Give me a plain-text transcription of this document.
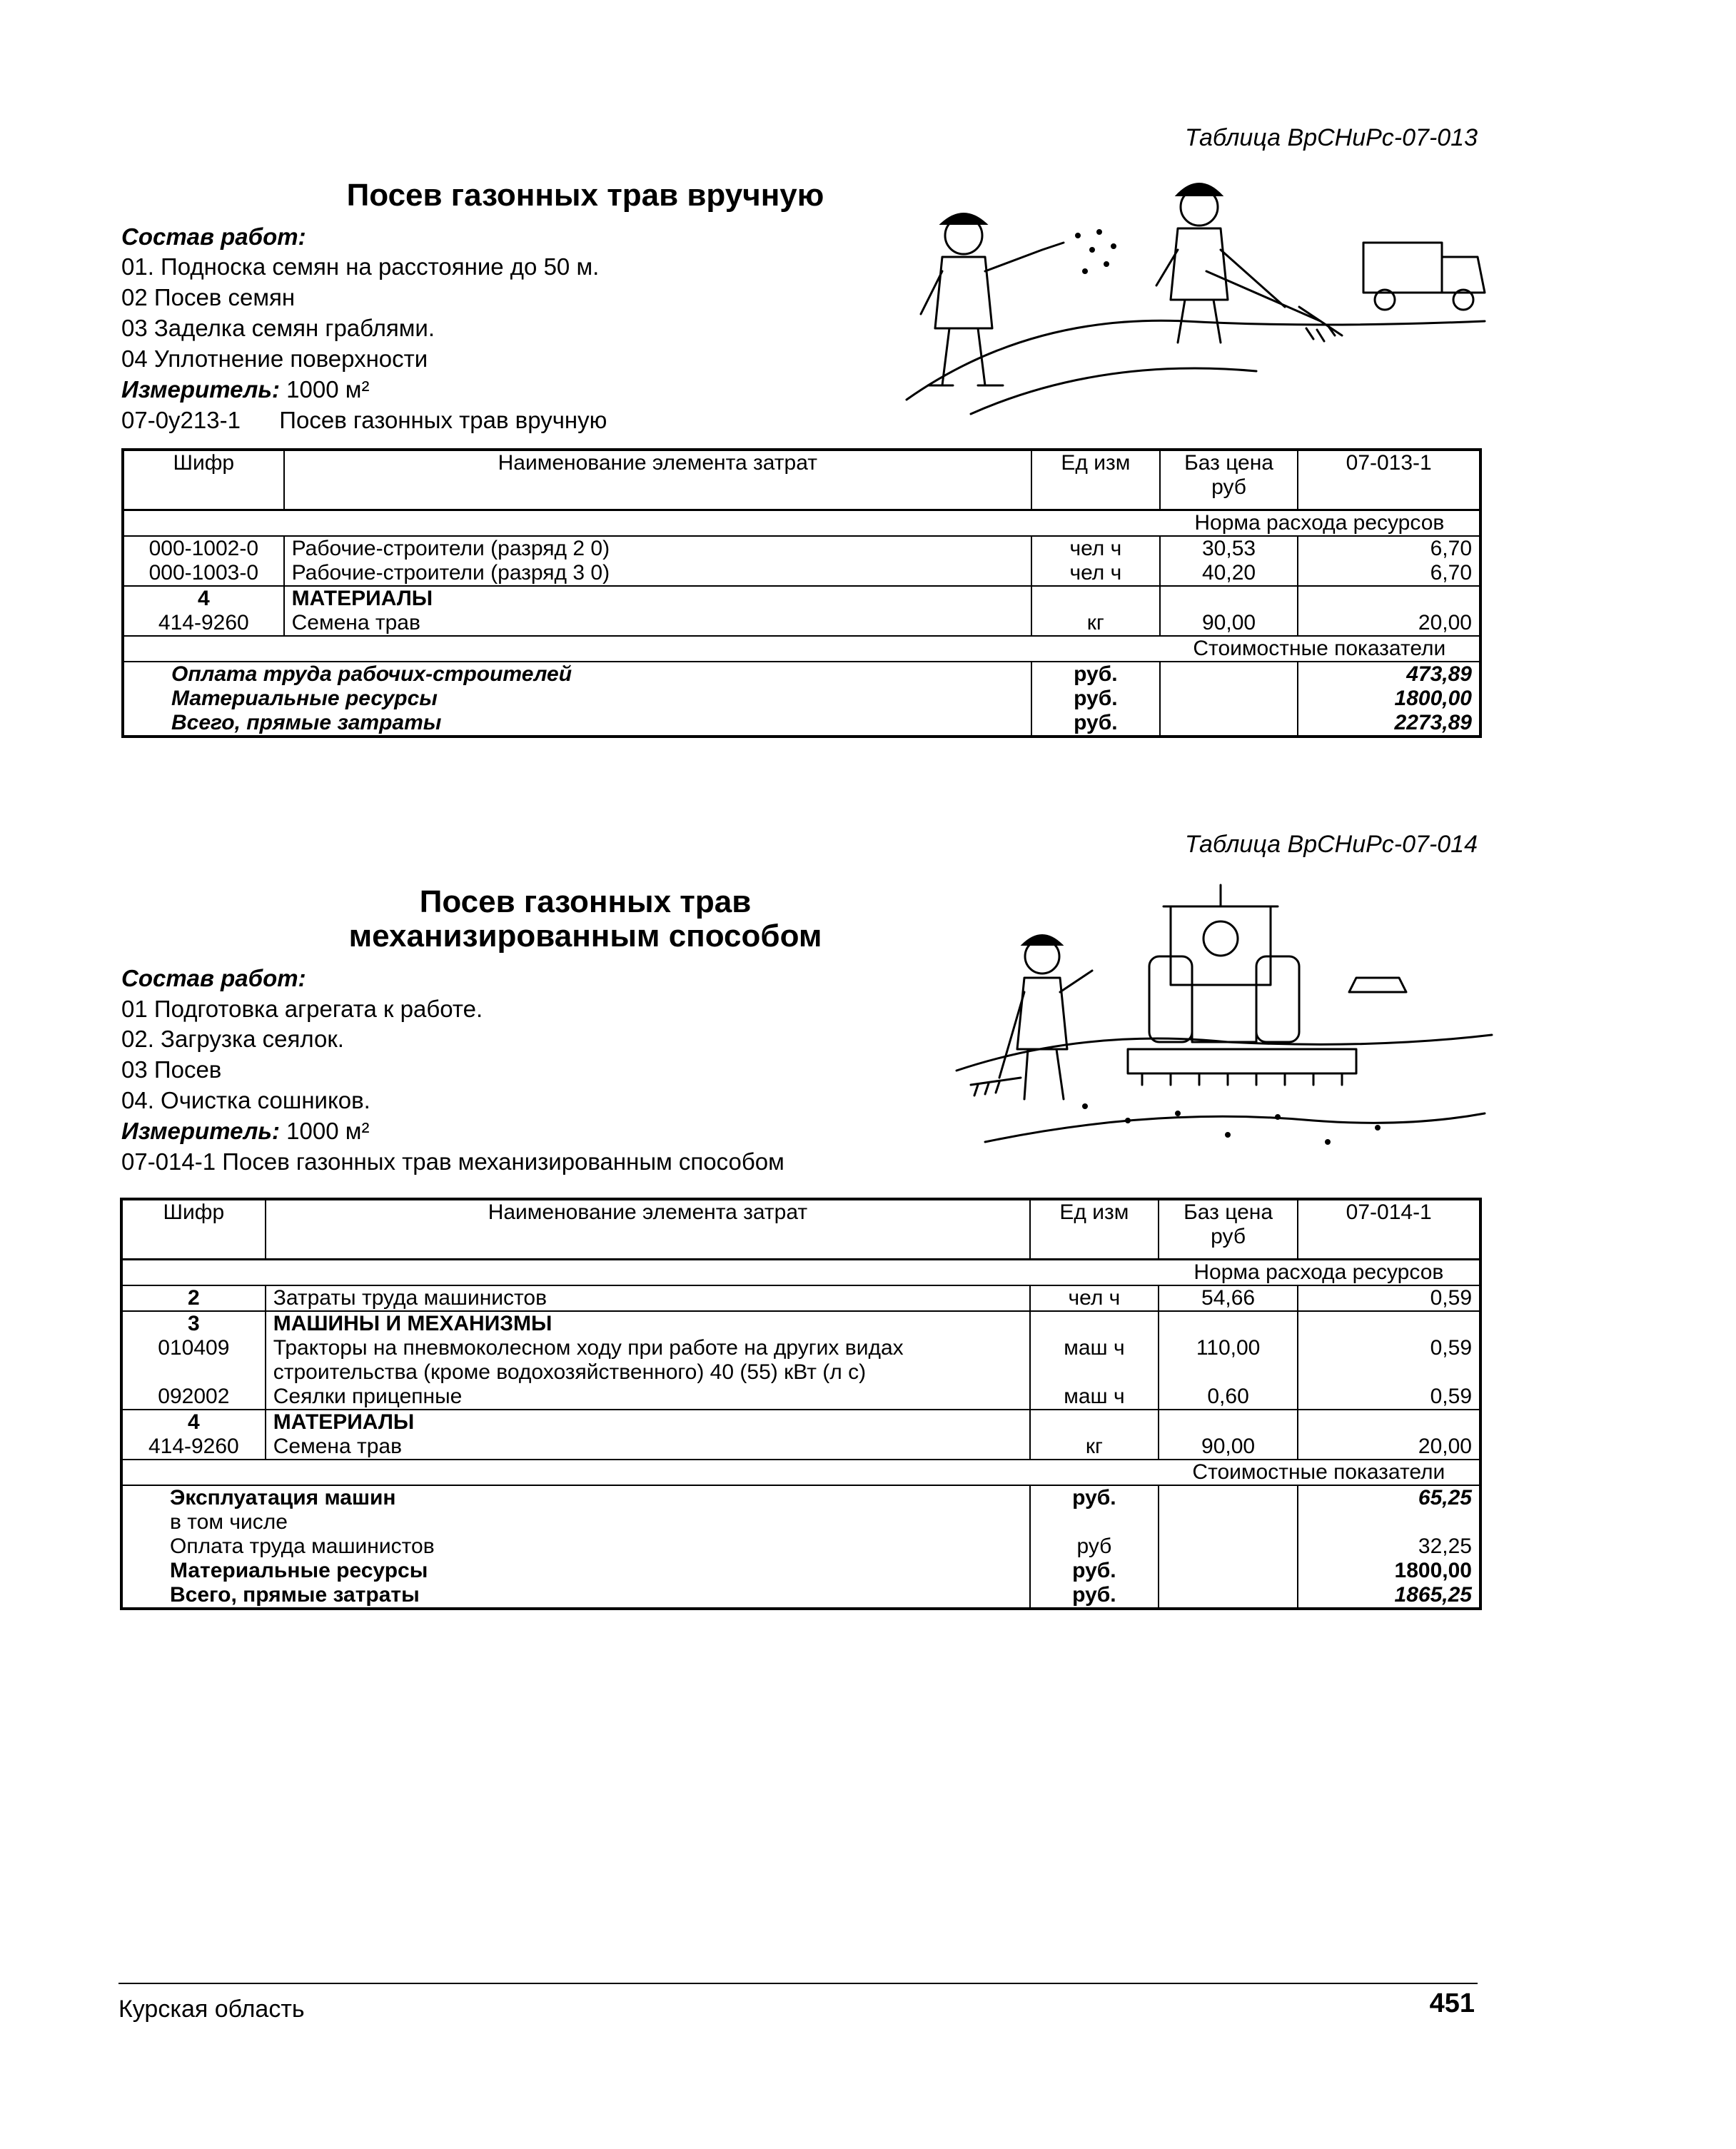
Таблица ВрСНиРс-07-013
Посев газонных трав вручную
Состав работ:
01. Подноска семян на расстояние до 50 м.
02 Посев семян
03 Заделка семян граблями.
04 Уплотнение поверхности
Измеритель: 1000 м²
07-0у213-1 Посев газонных трав вручную
Шифр	Наименование элемента затрат	Ед изм	Баз цена руб	07-013-1
			Норма расхода ресурсов	
000-1002-0	Рабочие-строители (разряд 2 0)	чел ч	30,53	6,70
000-1003-0	Рабочие-строители (разряд 3 0)	чел ч	40,20	6,70
4	МАТЕРИАЛЫ			
414-9260	Семена трав	кг	90,00	20,00
			Стоимостные показатели	
Оплата труда рабочих-строителей		руб.		473,89
Материальные ресурсы		руб.		1800,00
Всего, прямые затраты		руб.		2273,89
Таблица ВрСНиРс-07-014
Посев газонных трав
механизированным способом
Состав работ:
01 Подготовка агрегата к работе.
02. Загрузка сеялок.
03 Посев
04. Очистка сошников.
Измеритель: 1000 м²
07-014-1 Посев газонных трав механизированным способом
Шифр	Наименование элемента затрат	Ед изм	Баз цена руб	07-014-1
			Норма расхода ресурсов	
2	Затраты труда машинистов	чел ч	54,66	0,59
3	МАШИНЫ И МЕХАНИЗМЫ			
010409	Тракторы на пневмоколесном ходу при работе на других видах строительства (кроме водохозяйственного) 40 (55) кВт (л с)	маш ч	110,00	0,59
092002	Сеялки прицепные	маш ч	0,60	0,59
4	МАТЕРИАЛЫ			
414-9260	Семена трав	кг	90,00	20,00
			Стоимостные показатели	
Эксплуатация машин		руб.		65,25
в том числе				
Оплата труда машинистов		руб		32,25
Материальные ресурсы		руб.		1800,00
Всего, прямые затраты		руб.		1865,25
Курская область	451
